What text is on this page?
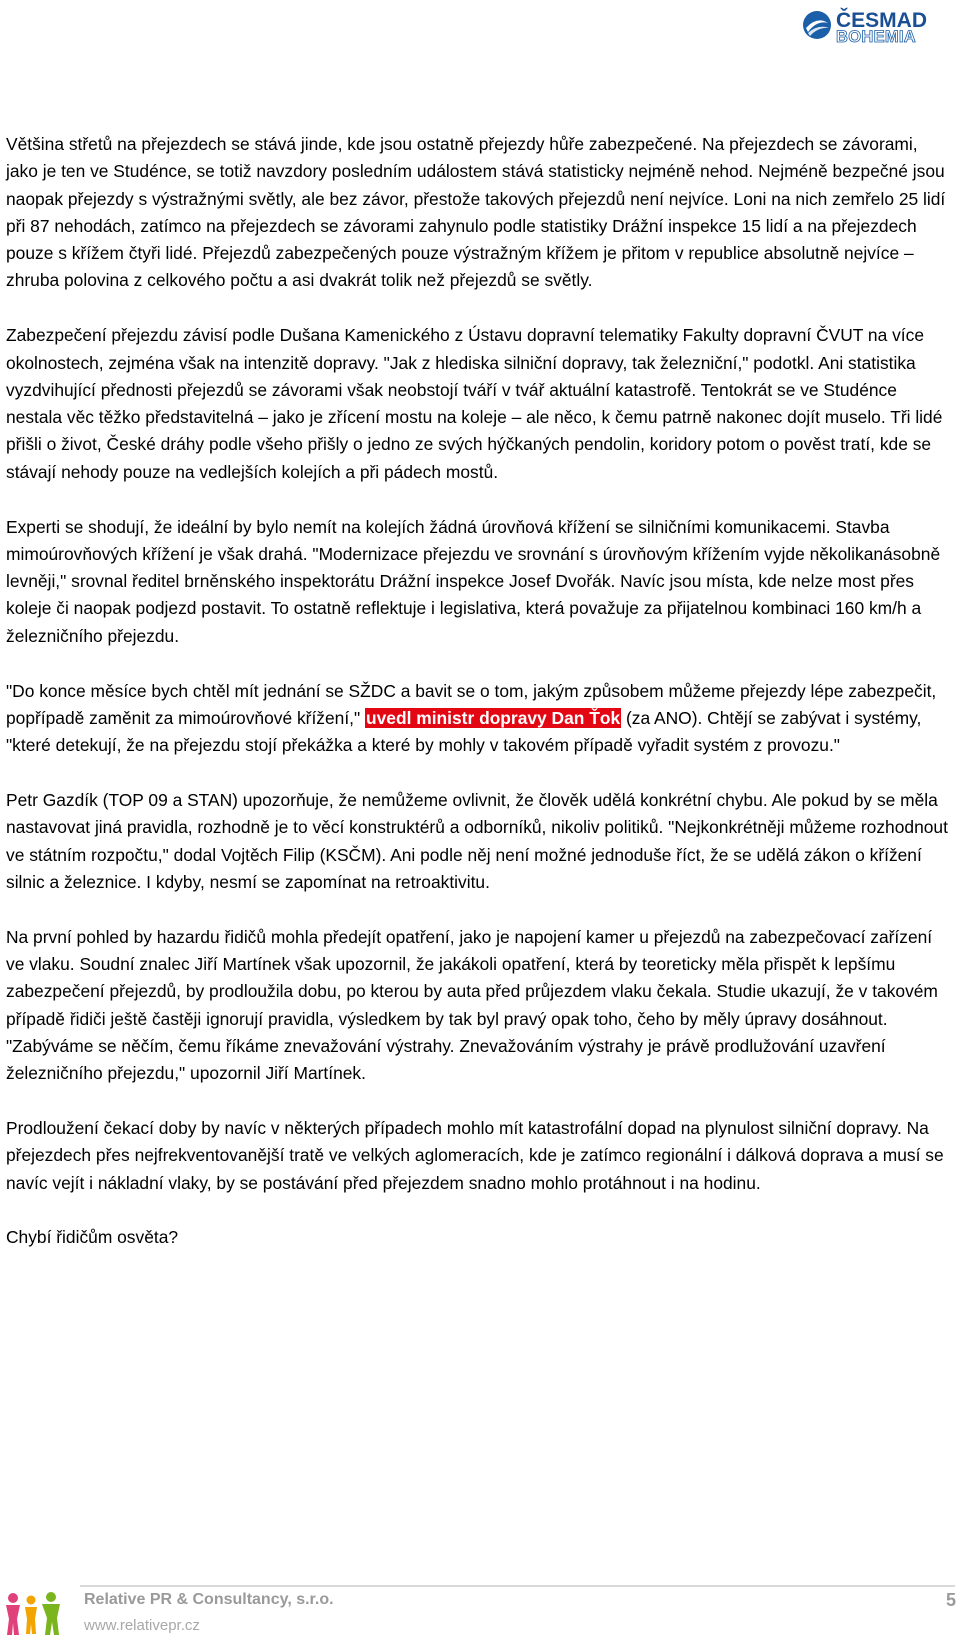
ČESMAD
BOHEMIA

Většina střetů na přejezdech se stává jinde, kde jsou ostatně přejezdy hůře zabezpečené. Na přejezdech se závorami, jako je ten ve Studénce, se totiž navzdory posledním událostem stává statisticky nejméně nehod. Nejméně bezpečné jsou naopak přejezdy s výstražnými světly, ale bez závor, přestože takových přejezdů není nejvíce. Loni na nich zemřelo 25 lidí při 87 nehodách, zatímco na přejezdech se závorami zahynulo podle statistiky Drážní inspekce 15 lidí a na přejezdech pouze s křížem čtyři lidé. Přejezdů zabezpečených pouze výstražným křížem je přitom v republice absolutně nejvíce – zhruba polovina z celkového počtu a asi dvakrát tolik než přejezdů se světly.

Zabezpečení přejezdu závisí podle Dušana Kamenického z Ústavu dopravní telematiky Fakulty dopravní ČVUT na více okolnostech, zejména však na intenzitě dopravy. "Jak z hlediska silniční dopravy, tak železniční," podotkl. Ani statistika vyzdvihující přednosti přejezdů se závorami však neobstojí tváří v tvář aktuální katastrofě. Tentokrát se ve Studénce nestala věc těžko představitelná – jako je zřícení mostu na koleje – ale něco, k čemu patrně nakonec dojít muselo. Tři lidé přišli o život, České dráhy podle všeho přišly o jedno ze svých hýčkaných pendolin, koridory potom o pověst tratí, kde se stávají nehody pouze na vedlejších kolejích a při pádech mostů.

Experti se shodují, že ideální by bylo nemít na kolejích žádná úrovňová křížení se silničními komunikacemi. Stavba mimoúrovňových křížení je však drahá. "Modernizace přejezdu ve srovnání s úrovňovým křížením vyjde několikanásobně levněji," srovnal ředitel brněnského inspektorátu Drážní inspekce Josef Dvořák. Navíc jsou místa, kde nelze most přes koleje či naopak podjezd postavit. To ostatně reflektuje i legislativa, která považuje za přijatelnou kombinaci 160 km/h a železničního přejezdu.

"Do konce měsíce bych chtěl mít jednání se SŽDC a bavit se o tom, jakým způsobem můžeme přejezdy lépe zabezpečit, popřípadě zaměnit za mimoúrovňové křížení," uvedl ministr dopravy Dan Ťok (za ANO). Chtějí se zabývat i systémy, "které detekují, že na přejezdu stojí překážka a které by mohly v takovém případě vyřadit systém z provozu."

Petr Gazdík (TOP 09 a STAN) upozorňuje, že nemůžeme ovlivnit, že člověk udělá konkrétní chybu. Ale pokud by se měla nastavovat jiná pravidla, rozhodně je to věcí konstruktérů a odborníků, nikoliv politiků. "Nejkonkrétněji můžeme rozhodnout ve státním rozpočtu," dodal Vojtěch Filip (KSČM). Ani podle něj není možné jednoduše říct, že se udělá zákon o křížení silnic a železnice. I kdyby, nesmí se zapomínat na retroaktivitu.

Na první pohled by hazardu řidičů mohla předejít opatření, jako je napojení kamer u přejezdů na zabezpečovací zařízení ve vlaku. Soudní znalec Jiří Martínek však upozornil, že jakákoli opatření, která by teoreticky měla přispět k lepšímu zabezpečení přejezdů, by prodloužila dobu, po kterou by auta před průjezdem vlaku čekala. Studie ukazují, že v takovém případě řidiči ještě častěji ignorují pravidla, výsledkem by tak byl pravý opak toho, čeho by měly úpravy dosáhnout. "Zabýváme se něčím, čemu říkáme znevažování výstrahy. Znevažováním výstrahy je právě prodlužování uzavření železničního přejezdu," upozornil Jiří Martínek.

Prodloužení čekací doby by navíc v některých případech mohlo mít katastrofální dopad na plynulost silniční dopravy. Na přejezdech přes nejfrekventovanější tratě ve velkých aglomeracích, kde je zatímco regionální i dálková doprava a musí se navíc vejít i nákladní vlaky, by se postávání před přejezdem snadno mohlo protáhnout i na hodinu.

Chybí řidičům osvěta?

Relative PR & Consultancy, s.r.o.
www.relativepr.cz
5
